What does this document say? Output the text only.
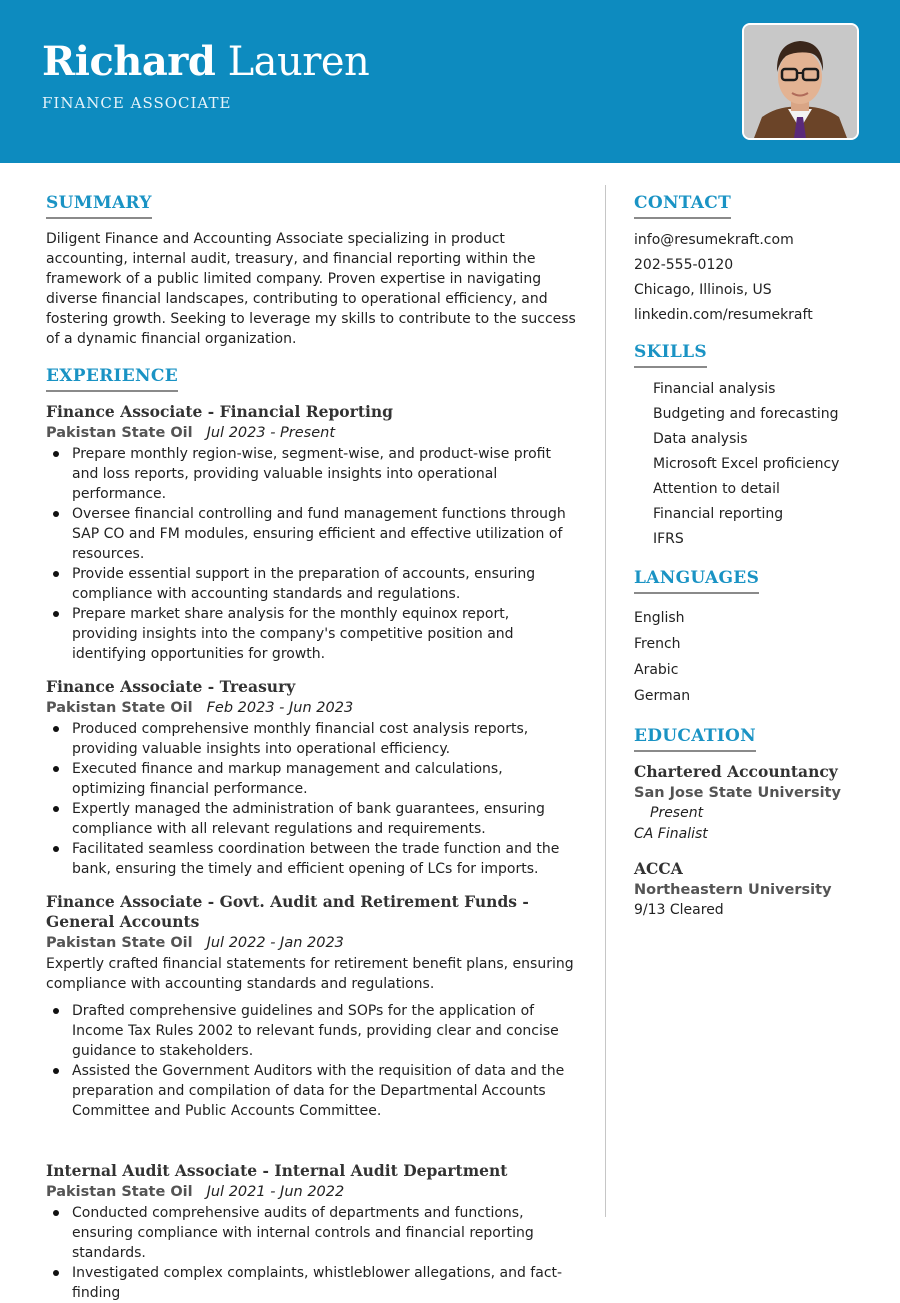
Richard Lauren
FINANCE ASSOCIATE
SUMMARY
Diligent Finance and Accounting Associate specializing in product accounting, internal audit, treasury, and financial reporting within the framework of a public limited company. Proven expertise in navigating diverse financial landscapes, contributing to operational efficiency, and fostering growth. Seeking to leverage my skills to contribute to the success of a dynamic financial organization.
EXPERIENCE
Finance Associate - Financial Reporting
Pakistan State Oil Jul 2023 - Present
Prepare monthly region-wise, segment-wise, and product-wise profit and loss reports, providing valuable insights into operational performance.
Oversee financial controlling and fund management functions through SAP CO and FM modules, ensuring efficient and effective utilization of resources.
Provide essential support in the preparation of accounts, ensuring compliance with accounting standards and regulations.
Prepare market share analysis for the monthly equinox report, providing insights into the company's competitive position and identifying opportunities for growth.
Finance Associate - Treasury
Pakistan State Oil Feb 2023 - Jun 2023
Produced comprehensive monthly financial cost analysis reports, providing valuable insights into operational efficiency.
Executed finance and markup management and calculations, optimizing financial performance.
Expertly managed the administration of bank guarantees, ensuring compliance with all relevant regulations and requirements.
Facilitated seamless coordination between the trade function and the bank, ensuring the timely and efficient opening of LCs for imports.
Finance Associate - Govt. Audit and Retirement Funds - General Accounts
Pakistan State Oil Jul 2022 - Jan 2023
Expertly crafted financial statements for retirement benefit plans, ensuring compliance with accounting standards and regulations.
Drafted comprehensive guidelines and SOPs for the application of Income Tax Rules 2002 to relevant funds, providing clear and concise guidance to stakeholders.
Assisted the Government Auditors with the requisition of data and the preparation and compilation of data for the Departmental Accounts Committee and Public Accounts Committee.
Internal Audit Associate - Internal Audit Department
Pakistan State Oil Jul 2021 - Jun 2022
Conducted comprehensive audits of departments and functions, ensuring compliance with internal controls and financial reporting standards.
Investigated complex complaints, whistleblower allegations, and fact-finding
CONTACT
info@resumekraft.com
202-555-0120
Chicago, Illinois, US
linkedin.com/resumekraft
SKILLS
Financial analysis
Budgeting and forecasting
Data analysis
Microsoft Excel proficiency
Attention to detail
Financial reporting
IFRS
LANGUAGES
English
French
Arabic
German
EDUCATION
Chartered Accountancy
San Jose State University
Present
CA Finalist
ACCA
Northeastern University
9/13 Cleared
